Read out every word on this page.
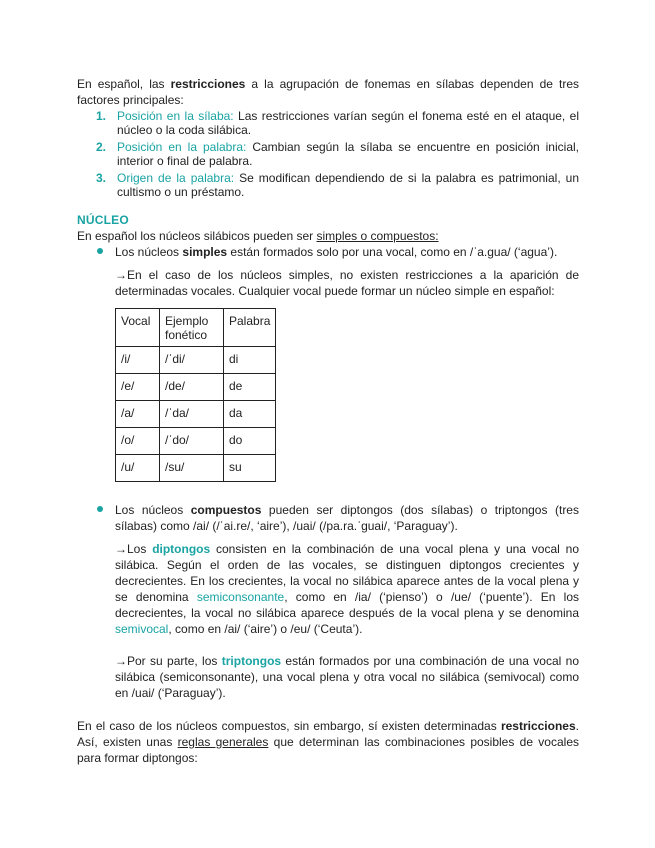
En español, las restricciones a la agrupación de fonemas en sílabas dependen de tres factores principales:

1. Posición en la sílaba: Las restricciones varían según el fonema esté en el ataque, el núcleo o la coda silábica.
2. Posición en la palabra: Cambian según la sílaba se encuentre en posición inicial, interior o final de palabra.
3. Origen de la palabra: Se modifican dependiendo de si la palabra es patrimonial, un cultismo o un préstamo.

NÚCLEO

En español los núcleos silábicos pueden ser simples o compuestos:

Los núcleos simples están formados solo por una vocal, como en /ˈa.gua/ (‘agua’).

→En el caso de los núcleos simples, no existen restricciones a la aparición de determinadas vocales. Cualquier vocal puede formar un núcleo simple en español:

Vocal	Ejemplo fonético	Palabra
/i/	/ˈdi/	di
/e/	/de/	de
/a/	/ˈda/	da
/o/	/ˈdo/	do
/u/	/su/	su

Los núcleos compuestos pueden ser diptongos (dos sílabas) o triptongos (tres sílabas) como /ai/ (/ˈai.re/, ‘aire’), /uai/ (/pa.ra.ˈguai/, ‘Paraguay’).

→Los diptongos consisten en la combinación de una vocal plena y una vocal no silábica. Según el orden de las vocales, se distinguen diptongos crecientes y decrecientes. En los crecientes, la vocal no silábica aparece antes de la vocal plena y se denomina semiconsonante, como en /ia/ (‘pienso’) o /ue/ (‘puente’). En los decrecientes, la vocal no silábica aparece después de la vocal plena y se denomina semivocal, como en /ai/ (‘aire’) o /eu/ (‘Ceuta’).

→Por su parte, los triptongos están formados por una combinación de una vocal no silábica (semiconsonante), una vocal plena y otra vocal no silábica (semivocal) como en /uai/ (‘Paraguay’).

En el caso de los núcleos compuestos, sin embargo, sí existen determinadas restricciones. Así, existen unas reglas generales que determinan las combinaciones posibles de vocales para formar diptongos:
